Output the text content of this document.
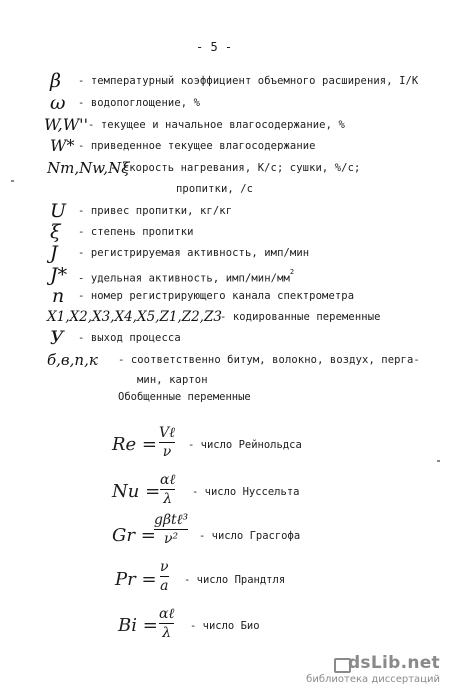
- 5 -
β - температурный коэффициент объемного расширения, I/К
ω - водопоглощение, %
W,W'' - текущее и начальное влагосодержание, %
W* - приведенное текущее влагосодержание
Nт,Nw,Nξ
- скорость нагревания, К/с; сушки, %/с;
пропитки, /с
U - привес пропитки, кг/кг
ξ - степень пропитки
J - регистрируемая активность, имп/мин
J* - удельная активность, имп/$мин/мм^2$
n - номер регистрирующего канала спектрометра
X1,X2,X3,X4,X5,Z1,Z2,Z3
- кодированные переменные
У - выход процесса
б,в,п,к - соответственно битум, волокно, воздух, перга-
мин, картон
Обобщенные переменные
Re =
Vℓ
ν - число Рейнольдса
Nu =
αℓ
λ - число Нуссельта
Gr =
gβtℓ³
ν² - число Грасгофа
Pr =
ν
a - число Прандтля
Bi =
αℓ
λ - число Био
dsLib.net
библиотека диссертаций
